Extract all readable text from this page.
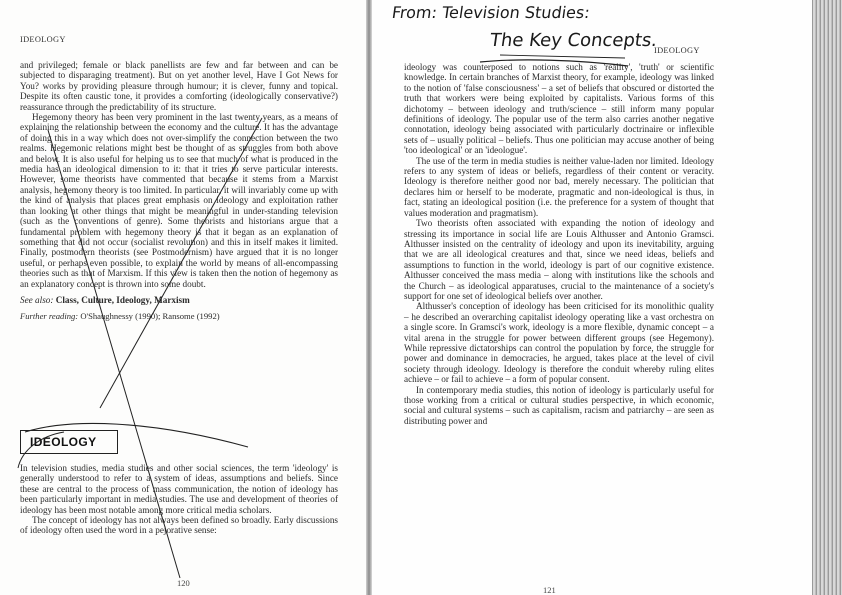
IDEOLOGY

and privileged; female or black panellists are few and far between and can be subjected to disparaging treatment). But on yet another level, Have I Got News for You? works by providing pleasure through humour; it is clever, funny and topical. Despite its often caustic tone, it provides a comforting (ideologically conservative?) reassurance through the predictability of its structure.

Hegemony theory has been very prominent in the last twenty years, as a means of explaining the relationship between the economy and the culture. It has the advantage of doing this in a way which does not over-simplify the connection between the two realms. Hegemonic relations might best be thought of as struggles from both above and below. It is also useful for helping us to see that much of what is produced in the media has an ideological dimension to it: that it tries to serve particular interests. However, some theorists have commented that because it stems from a Marxist analysis, hegemony theory is too limited. In particular, it will invariably come up with the kind of analysis that places great emphasis on ideology and exploitation rather than looking at other things that might be meaningful in under-standing television (such as the conventions of genre). Some theorists and historians argue that a fundamental problem with hegemony theory is that it began as an explanation of something that did not occur (socialist revolution) and this in itself makes it limited. Finally, postmodern theorists (see Postmodernism) have argued that it is no longer useful, or perhaps even possible, to explain the world by means of all-encompassing theories such as that of Marxism. If this view is taken then the notion of hegemony as an explanatory concept is thrown into some doubt.

See also: Class, Culture, Ideology, Marxism

Further reading: O'Shaughnessy (1990); Ransome (1992)

IDEOLOGY

In television studies, media studies and other social sciences, the term 'ideology' is generally understood to refer to a system of ideas, assumptions and beliefs. Since these are central to the process of mass communication, the notion of ideology has been particularly important in media studies. The use and development of theories of ideology has been most notable among more critical media scholars.

The concept of ideology has not always been defined so broadly. Early discussions of ideology often used the word in a pejorative sense:

120
From: Television Studies:
The Key Concepts.
IDEOLOGY

ideology was counterposed to notions such as 'reality', 'truth' or scientific knowledge. In certain branches of Marxist theory, for example, ideology was linked to the notion of 'false consciousness' – a set of beliefs that obscured or distorted the truth that workers were being exploited by capitalists. Various forms of this dichotomy – between ideology and truth/science – still inform many popular definitions of ideology. The popular use of the term also carries another negative connotation, ideology being associated with particularly doctrinaire or inflexible sets of – usually political – beliefs. Thus one politician may accuse another of being 'too ideological' or an 'ideologue'.

The use of the term in media studies is neither value-laden nor limited. Ideology refers to any system of ideas or beliefs, regardless of their content or veracity. Ideology is therefore neither good nor bad, merely necessary. The politician that declares him or herself to be moderate, pragmatic and non-ideological is thus, in fact, stating an ideological position (i.e. the preference for a system of thought that values moderation and pragmatism).

Two theorists often associated with expanding the notion of ideology and stressing its importance in social life are Louis Althusser and Antonio Gramsci. Althusser insisted on the centrality of ideology and upon its inevitability, arguing that we are all ideological creatures and that, since we need ideas, beliefs and assumptions to function in the world, ideology is part of our cognitive existence. Althusser conceived the mass media – along with institutions like the schools and the Church – as ideological apparatuses, crucial to the maintenance of a society's support for one set of ideological beliefs over another.

Althusser's conception of ideology has been criticised for its monolithic quality – he described an overarching capitalist ideology operating like a vast orchestra on a single score. In Gramsci's work, ideology is a more flexible, dynamic concept – a vital arena in the struggle for power between different groups (see Hegemony). While repressive dictatorships can control the population by force, the struggle for power and dominance in democracies, he argued, takes place at the level of civil society through ideology. Ideology is therefore the conduit whereby ruling elites achieve – or fail to achieve – a form of popular consent.

In contemporary media studies, this notion of ideology is particularly useful for those working from a critical or cultural studies perspective, in which economic, social and cultural systems – such as capitalism, racism and patriarchy – are seen as distributing power and

121
